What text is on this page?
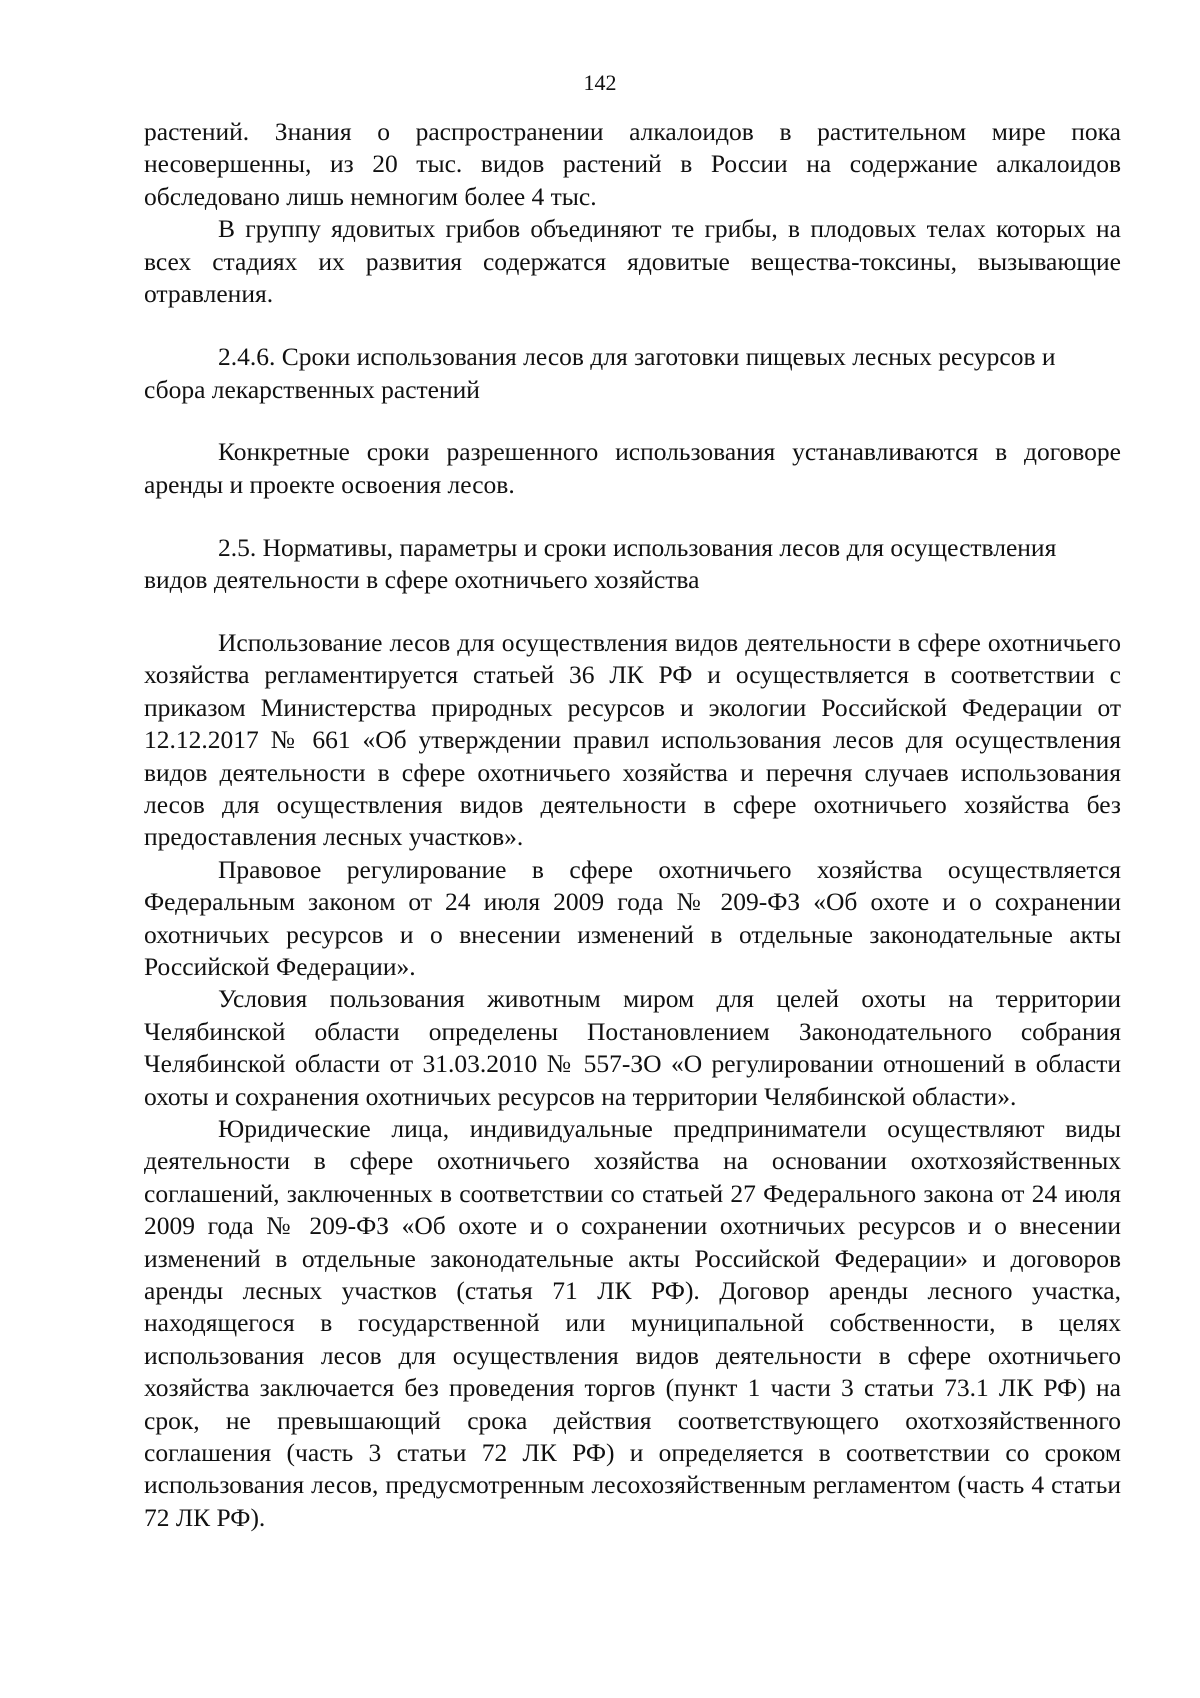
142

растений. Знания о распространении алкалоидов в растительном мире пока несовершенны, из 20 тыс. видов растений в России на содержание алкалоидов обследовано лишь немногим более 4 тыс.

В группу ядовитых грибов объединяют те грибы, в плодовых телах которых на всех стадиях их развития содержатся ядовитые вещества-токсины, вызывающие отравления.

2.4.6. Сроки использования лесов для заготовки пищевых лесных ресурсов и сбора лекарственных растений

Конкретные сроки разрешенного использования устанавливаются в договоре аренды и проекте освоения лесов.

2.5. Нормативы, параметры и сроки использования лесов для осуществления видов деятельности в сфере охотничьего хозяйства

Использование лесов для осуществления видов деятельности в сфере охотничьего хозяйства регламентируется статьей 36 ЛК РФ и осуществляется в соответствии с приказом Министерства природных ресурсов и экологии Российской Федерации от 12.12.2017 № 661 «Об утверждении правил использования лесов для осуществления видов деятельности в сфере охотничьего хозяйства и перечня случаев использования лесов для осуществления видов деятельности в сфере охотничьего хозяйства без предоставления лесных участков».

Правовое регулирование в сфере охотничьего хозяйства осуществляется Федеральным законом от 24 июля 2009 года № 209-ФЗ «Об охоте и о сохранении охотничьих ресурсов и о внесении изменений в отдельные законодательные акты Российской Федерации».

Условия пользования животным миром для целей охоты на территории Челябинской области определены Постановлением Законодательного собрания Челябинской области от 31.03.2010 № 557-ЗО «О регулировании отношений в области охоты и сохранения охотничьих ресурсов на территории Челябинской области».

Юридические лица, индивидуальные предприниматели осуществляют виды деятельности в сфере охотничьего хозяйства на основании охотхозяйственных соглашений, заключенных в соответствии со статьей 27 Федерального закона от 24 июля 2009 года № 209-ФЗ «Об охоте и о сохранении охотничьих ресурсов и о внесении изменений в отдельные законодательные акты Российской Федерации» и договоров аренды лесных участков (статья 71 ЛК РФ). Договор аренды лесного участка, находящегося в государственной или муниципальной собственности, в целях использования лесов для осуществления видов деятельности в сфере охотничьего хозяйства заключается без проведения торгов (пункт 1 части 3 статьи 73.1 ЛК РФ) на срок, не превышающий срока действия соответствующего охотхозяйственного соглашения (часть 3 статьи 72 ЛК РФ) и определяется в соответствии со сроком использования лесов, предусмотренным лесохозяйственным регламентом (часть 4 статьи 72 ЛК РФ).
